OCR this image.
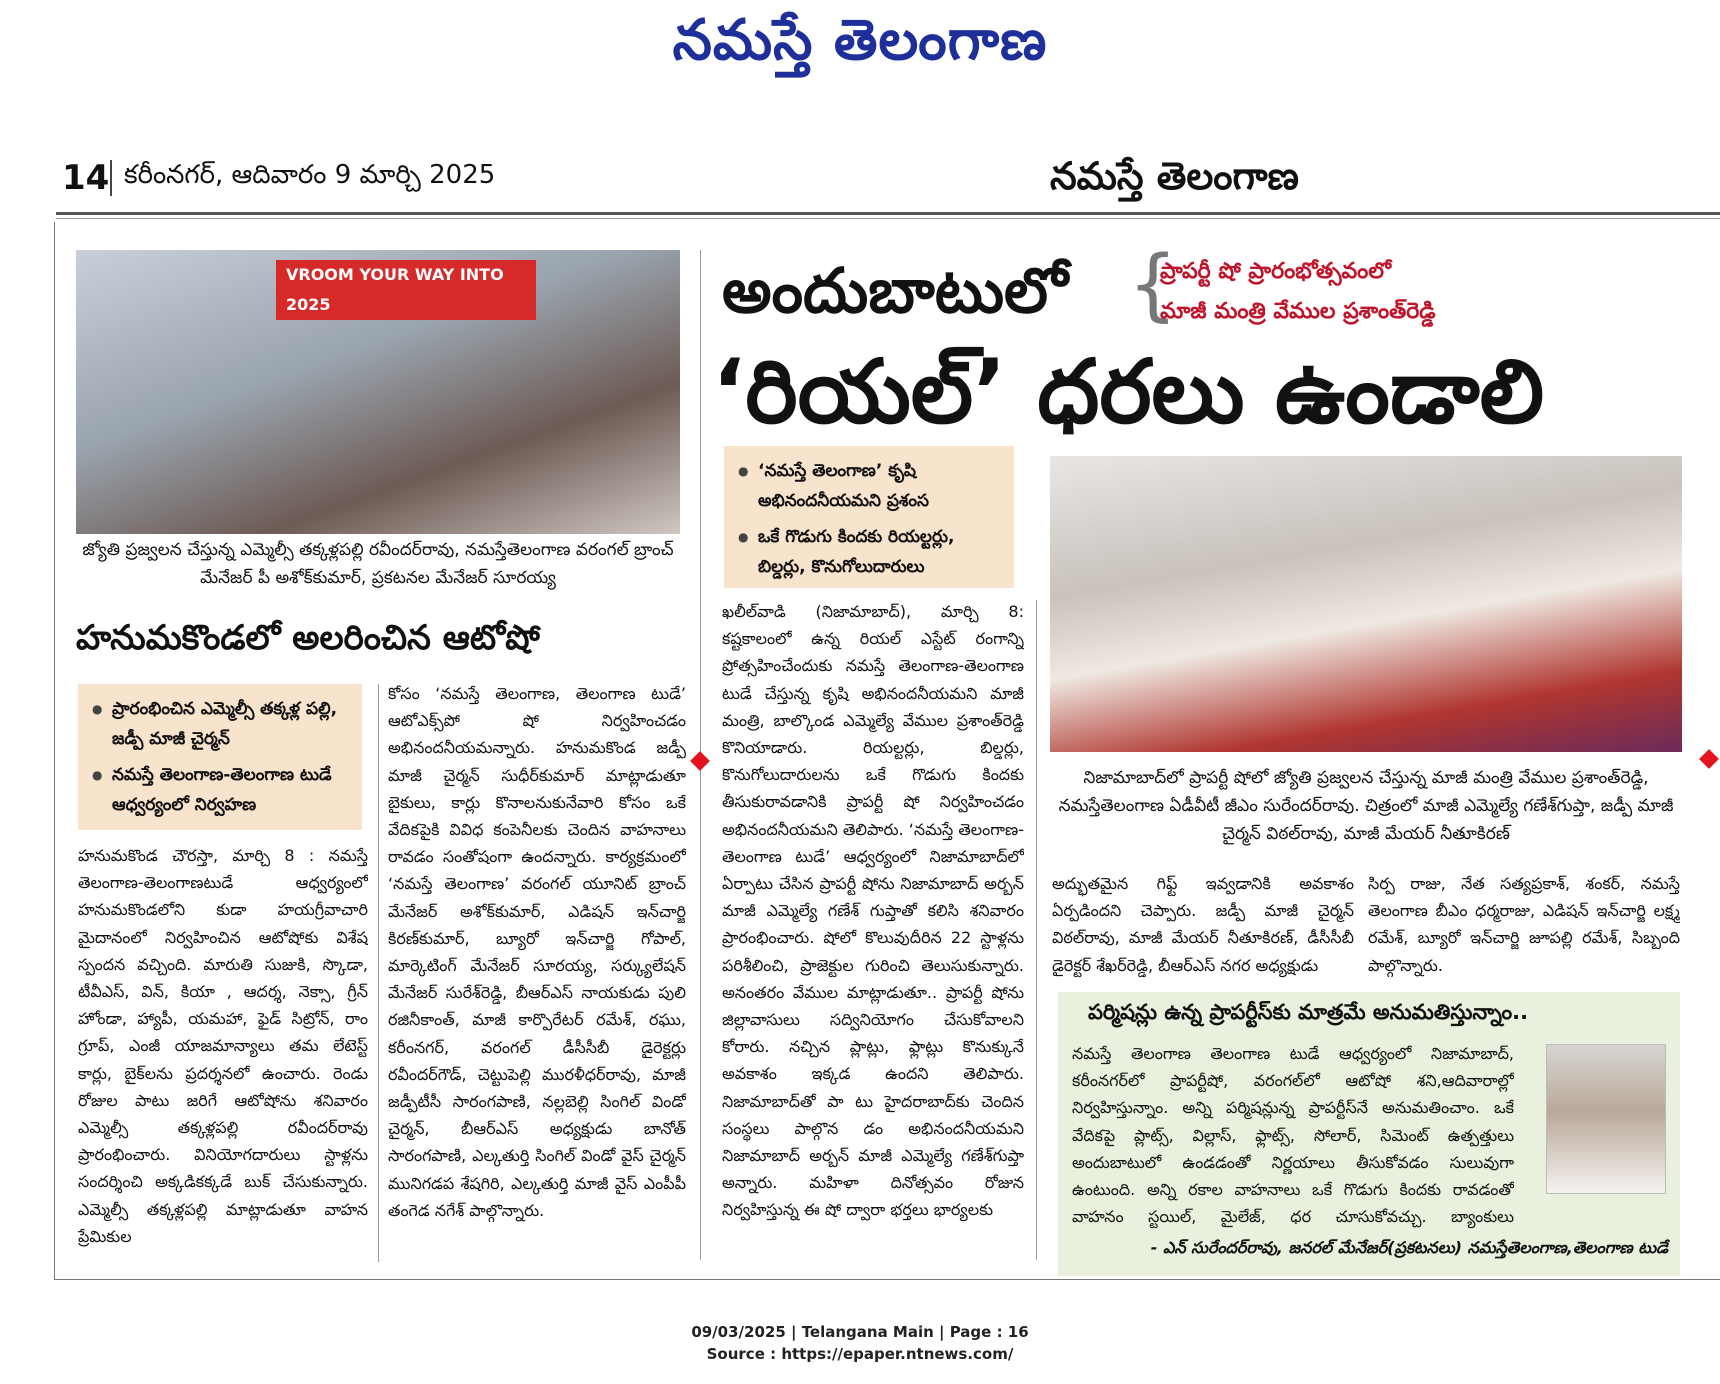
నమస్తే తెలంగాణ
14 కరీంనగర్, ఆదివారం 9 మార్చి 2025	నమస్తే తెలంగాణ
VROOM YOUR WAY INTO 2025
జ్యోతి ప్రజ్వలన చేస్తున్న ఎమ్మెల్సీ తక్కళ్లపల్లి రవీందర్‌రావు, నమస్తేతెలంగాణ వరంగల్ బ్రాంచ్ మేనేజర్ పీ అశోక్‌కుమార్, ప్రకటనల మేనేజర్ సూరయ్య
హనుమకొండలో అలరించిన ఆటోషో
● ప్రారంభించిన ఎమ్మెల్సీ తక్కళ్ల పల్లి, జడ్పీ మాజీ చైర్మన్
● నమస్తే తెలంగాణ-తెలంగాణ టుడే ఆధ్వర్యంలో నిర్వహణ
హనుమకొండ చౌరస్తా, మార్చి 8 : నమస్తే తెలంగాణ-తెలంగాణటుడే ఆధ్వర్యంలో హనుమకొండలోని కుడా హయగ్రీవాచారి మైదానంలో నిర్వహించిన ఆటోషోకు విశేష స్పందన వచ్చింది. మారుతి సుజుకి, స్కొడా, టీవీఎస్, విన్, కియా , ఆదర్శ, నెక్సా, గ్రీన్ హోండా, హ్యాపీ, యమహా, ఫైడ్ సిట్రోన్, రాం గ్రూప్, ఎంజీ యాజమాన్యాలు తమ లేటెస్ట్ కార్లు, బైక్‌లను ప్రదర్శనలో ఉంచారు. రెండు రోజుల పాటు జరిగే ఆటోషోను శనివారం ఎమ్మెల్సీ తక్కళ్లపల్లి రవీందర్‌రావు ప్రారంభించారు. వినియోగదారులు స్టాళ్లను సందర్శించి అక్కడికక్కడే బుక్ చేసుకున్నారు. ఎమ్మెల్సీ తక్కళ్లపల్లి మాట్లాడుతూ వాహన ప్రేమికుల
కోసం ‘నమస్తే తెలంగాణ, తెలంగాణ టుడే’ ఆటోఎక్స్‌పో షో నిర్వహించడం అభినందనీయమన్నారు. హనుమకొండ జడ్పీ మాజీ చైర్మన్ సుధీర్‌కుమార్ మాట్లాడుతూ బైకులు, కార్లు కొనాలనుకునేవారి కోసం ఒకే వేదికపైకి వివిధ కంపెనీలకు చెందిన వాహనాలు రావడం సంతోషంగా ఉందన్నారు. కార్యక్రమంలో ‘నమస్తే తెలంగాణ’ వరంగల్ యూనిట్ బ్రాంచ్ మేనేజర్ అశోక్‌కుమార్, ఎడిషన్ ఇన్‌చార్జి కిరణ్‌కుమార్, బ్యూరో ఇన్‌చార్జి గోపాల్, మార్కెటింగ్ మేనేజర్ సూరయ్య, సర్క్యులేషన్ మేనేజర్ సురేశ్‌రెడ్డి, బీఆర్‌ఎస్ నాయకుడు పులి రజినీకాంత్, మాజీ కార్పొరేటర్ రమేశ్, రఘు, కరీంనగర్, వరంగల్ డీసీసీబీ డైరెక్టర్లు రవీందర్‌గౌడ్, చెట్టుపెల్లి మురళీధర్‌రావు, మాజీ జడ్పీటీసీ సారంగపాణి, నల్లబెల్లి సింగిల్ విండో చైర్మన్, బీఆర్‌ఎస్ అధ్యక్షుడు బానోత్ సారంగపాణి, ఎల్కతుర్తి సింగిల్ విండో వైస్ చైర్మన్ మునిగడప శేషగిరి, ఎల్కతుర్తి మాజీ వైస్ ఎంపీపీ తంగెడ నగేశ్ పాల్గొన్నారు.
అందుబాటులో {
ప్రాపర్టీ షో ప్రారంభోత్సవంలో
మాజీ మంత్రి వేముల ప్రశాంత్‌రెడ్డి
‘రియల్’ ధరలు ఉండాలి
● ‘నమస్తే తెలంగాణ’ కృషి అభినందనీయమని ప్రశంస
● ఒకే గొడుగు కిందకు రియల్టర్లు, బిల్డర్లు, కొనుగోలుదారులు
ఖలీల్‌వాడి (నిజామాబాద్), మార్చి 8: కష్టకాలంలో ఉన్న రియల్ ఎస్టేట్ రంగాన్ని ప్రోత్సహించేందుకు నమస్తే తెలంగాణ-తెలంగాణ టుడే చేస్తున్న కృషి అభినందనీయమని మాజీ మంత్రి, బాల్కొండ ఎమ్మెల్యే వేముల ప్రశాంత్‌రెడ్డి కొనియాడారు. రియల్టర్లు, బిల్డర్లు, కొనుగోలుదారులను ఒకే గొడుగు కిందకు తీసుకురావడానికి ప్రాపర్టీ షో నిర్వహించడం అభినందనీయమని తెలిపారు. ‘నమస్తే తెలంగాణ-తెలంగాణ టుడే’ ఆధ్వర్యంలో నిజామాబాద్‌లో ఏర్పాటు చేసిన ప్రాపర్టీ షోను నిజామాబాద్ అర్బన్ మాజీ ఎమ్మెల్యే గణేశ్ గుప్తాతో కలిసి శనివారం ప్రారంభించారు. షోలో కొలువుదీరిన 22 స్టాళ్లను పరిశీలించి, ప్రాజెక్టుల గురించి తెలుసుకున్నారు. అనంతరం వేముల మాట్లాడుతూ.. ప్రాపర్టీ షోను జిల్లావాసులు సద్వినియోగం చేసుకోవాలని కోరారు. నచ్చిన ప్లాట్లు, ఫ్లాట్లు కొనుక్కునే అవకాశం ఇక్కడ ఉందని తెలిపారు. నిజామాబాద్‌తో పా టు హైదరాబాద్‌కు చెందిన సంస్థలు పాల్గొన డం అభినందనీయమని నిజామాబాద్ అర్బన్ మాజీ ఎమ్మెల్యే గణేశ్‌గుప్తా అన్నారు. మహిళా దినోత్సవం రోజున నిర్వహిస్తున్న ఈ షో ద్వారా భర్తలు భార్యలకు
నిజామాబాద్‌లో ప్రాపర్టీ షోలో జ్యోతి ప్రజ్వలన చేస్తున్న మాజీ మంత్రి వేముల ప్రశాంత్‌రెడ్డి, నమస్తేతెలంగాణ ఏడీవీటీ జీఎం సురేందర్‌రావు. చిత్రంలో మాజీ ఎమ్మెల్యే గణేశ్‌గుప్తా, జడ్పీ మాజీ చైర్మన్ విఠల్‌రావు, మాజీ మేయర్ నీతూకిరణ్
అద్భుతమైన గిఫ్ట్ ఇవ్వడానికి అవకాశం ఏర్పడిందని చెప్పారు. జడ్పీ మాజీ చైర్మన్ విఠల్‌రావు, మాజీ మేయర్ నీతూకిరణ్, డీసీసీబీ డైరెక్టర్ శేఖర్‌రెడ్డి, బీఆర్‌ఎస్ నగర అధ్యక్షుడు
సిర్ప రాజు, నేత సత్యప్రకాశ్, శంకర్, నమస్తే తెలంగాణ బీఎం ధర్మరాజు, ఎడిషన్ ఇన్‌చార్జి లక్ష్మ రమేశ్, బ్యూరో ఇన్‌చార్జి జూపల్లి రమేశ్, సిబ్బంది పాల్గొన్నారు.
పర్మిషన్లు ఉన్న ప్రాపర్టీస్‌కు మాత్రమే అనుమతిస్తున్నాం..
నమస్తే తెలంగాణ తెలంగాణ టుడే ఆధ్వర్యంలో నిజామాబాద్, కరీంనగర్‌లో ప్రాపర్టీషో, వరంగల్‌లో ఆటోషో శని,ఆదివారాల్లో నిర్వహిస్తున్నాం. అన్ని పర్మిషన్లున్న ప్రాపర్టీస్‌నే అనుమతించాం. ఒకే వేదికపై ప్లాట్స్, విల్లాస్, ఫ్లాట్స్, సోలార్, సిమెంట్ ఉత్పత్తులు అందుబాటులో ఉండడంతో నిర్ణయాలు తీసుకోవడం సులువుగా ఉంటుంది. అన్ని రకాల వాహనాలు ఒకే గొడుగు కిందకు రావడంతో వాహనం స్టయిల్, మైలేజ్, ధర చూసుకోవచ్చు. బ్యాంకులు
- ఎన్ సురేందర్‌రావు, జనరల్ మేనేజర్(ప్రకటనలు) నమస్తేతెలంగాణ,తెలంగాణ టుడే
09/03/2025 | Telangana Main | Page : 16
Source : https://epaper.ntnews.com/
